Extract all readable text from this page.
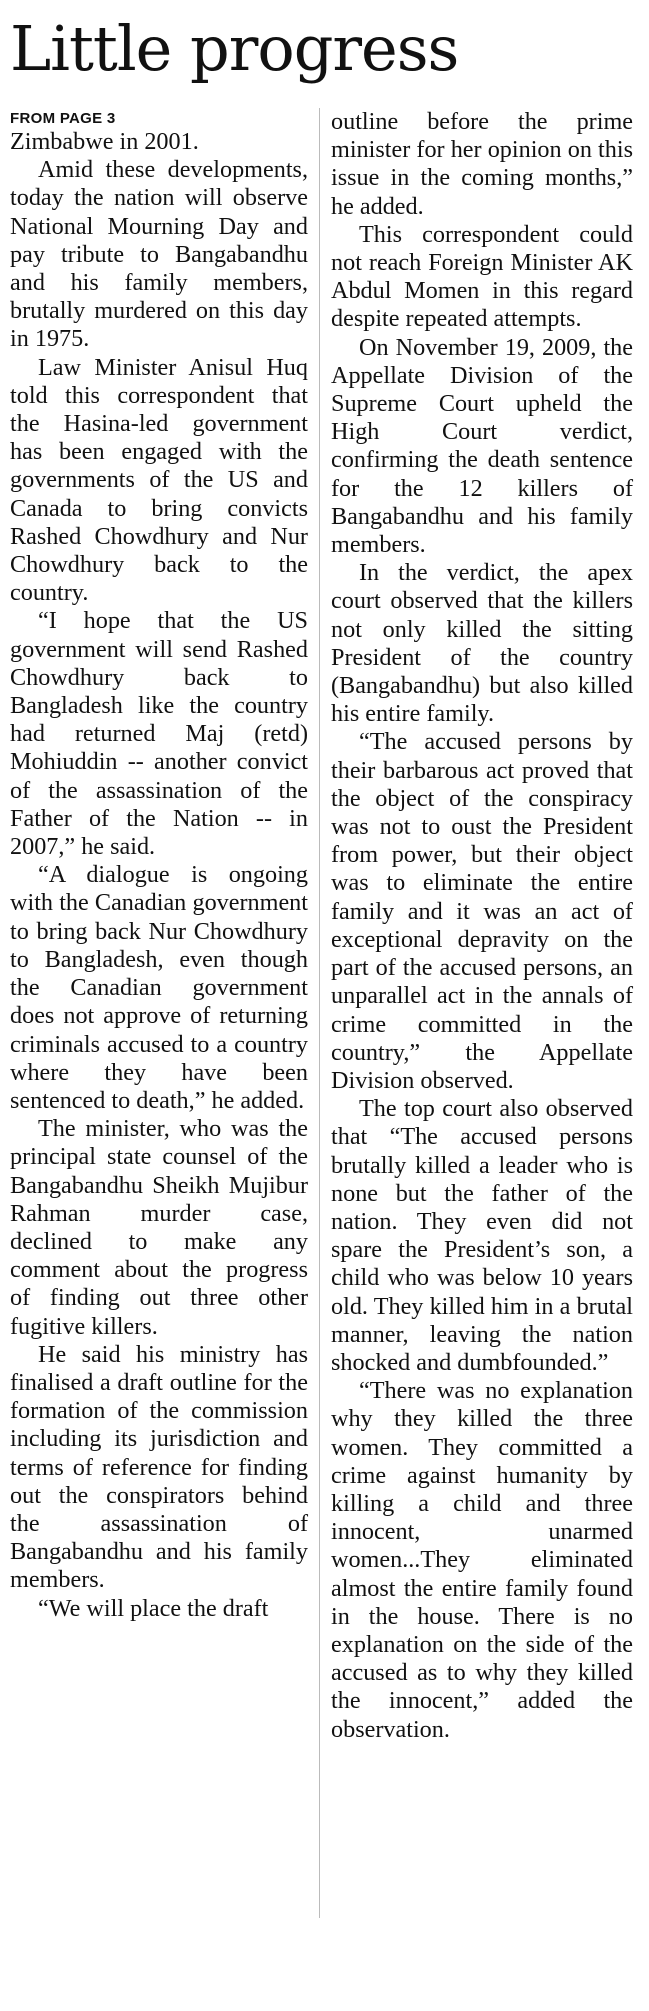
Little progress
FROM PAGE 3

Zimbabwe in 2001.

Amid these developments, today the nation will observe National Mourning Day and pay tribute to Bangabandhu and his family members, brutally murdered on this day in 1975.

Law Minister Anisul Huq told this correspondent that the Hasina-led government has been engaged with the governments of the US and Canada to bring convicts Rashed Chowdhury and Nur Chowdhury back to the country.

“I hope that the US government will send Rashed Chowdhury back to Bangladesh like the country had returned Maj (retd) Mohiuddin -- another convict of the assassination of the Father of the Nation -- in 2007,” he said.

“A dialogue is ongoing with the Canadian government to bring back Nur Chowdhury to Bangladesh, even though the Canadian government does not approve of returning criminals accused to a country where they have been sentenced to death,” he added.

The minister, who was the principal state counsel of the Bangabandhu Sheikh Mujibur Rahman murder case, declined to make any comment about the progress of finding out three other fugitive killers.

He said his ministry has finalised a draft outline for the formation of the commission including its jurisdiction and terms of reference for finding out the conspirators behind the assassination of Bangabandhu and his family members.

“We will place the draft

outline before the prime minister for her opinion on this issue in the coming months,” he added.

This correspondent could not reach Foreign Minister AK Abdul Momen in this regard despite repeated attempts.

On November 19, 2009, the Appellate Division of the Supreme Court upheld the High Court verdict, confirming the death sentence for the 12 killers of Bangabandhu and his family members.

In the verdict, the apex court observed that the killers not only killed the sitting President of the country (Bangabandhu) but also killed his entire family.

“The accused persons by their barbarous act proved that the object of the conspiracy was not to oust the President from power, but their object was to eliminate the entire family and it was an act of exceptional depravity on the part of the accused persons, an unparallel act in the annals of crime committed in the country,” the Appellate Division observed.

The top court also observed that “The accused persons brutally killed a leader who is none but the father of the nation. They even did not spare the President’s son, a child who was below 10 years old. They killed him in a brutal manner, leaving the nation shocked and dumbfounded.”

“There was no explanation why they killed the three women. They committed a crime against humanity by killing a child and three innocent, unarmed women...They eliminated almost the entire family found in the house. There is no explanation on the side of the accused as to why they killed the innocent,” added the observation.
